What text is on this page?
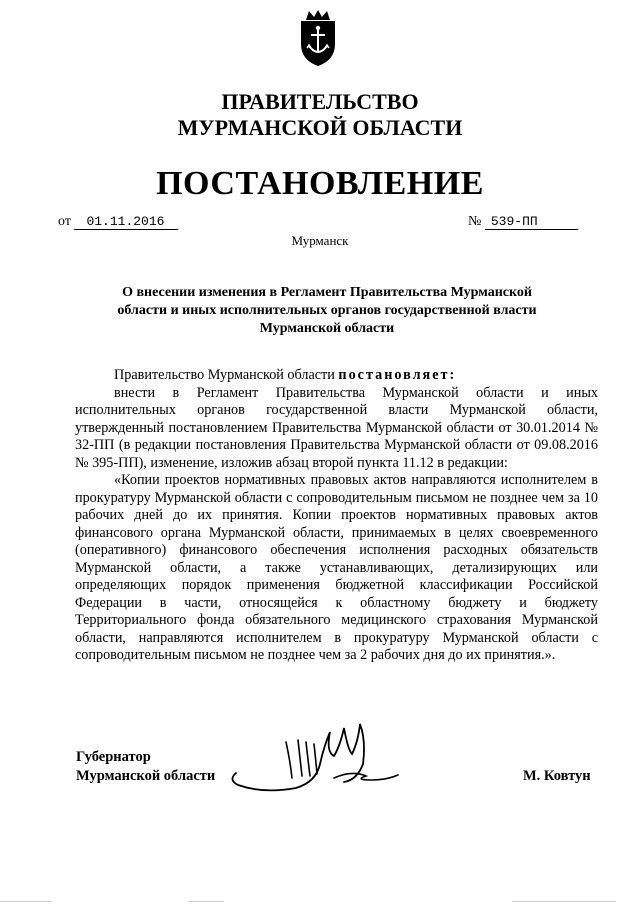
ПРАВИТЕЛЬСТВО
МУРМАНСКОЙ ОБЛАСТИ
ПОСТАНОВЛЕНИЕ
от 01.11.2016	№ 539-ПП
Мурманск
О внесении изменения в Регламент Правительства Мурманской
области и иных исполнительных органов государственной власти
Мурманской области

Правительство Мурманской области постановляет:

внести в Регламент Правительства Мурманской области и иных исполнительных органов государственной власти Мурманской области, утвержденный постановлением Правительства Мурманской области от 30.01.2014 № 32-ПП (в редакции постановления Правительства Мурманской области от 09.08.2016 № 395-ПП), изменение, изложив абзац второй пункта 11.12 в редакции:

«Копии проектов нормативных правовых актов направляются исполнителем в прокуратуру Мурманской области с сопроводительным письмом не позднее чем за 10 рабочих дней до их принятия. Копии проектов нормативных правовых актов финансового органа Мурманской области, принимаемых в целях своевременного (оперативного) финансового обеспечения исполнения расходных обязательств Мурманской области, а также устанавливающих, детализирующих или определяющих порядок применения бюджетной классификации Российской Федерации в части, относящейся к областному бюджету и бюджету Территориального фонда обязательного медицинского страхования Мурманской области, направляются исполнителем в прокуратуру Мурманской области с сопроводительным письмом не позднее чем за 2 рабочих дня до их принятия.».

Губернатор
Мурманской области	М. Ковтун
